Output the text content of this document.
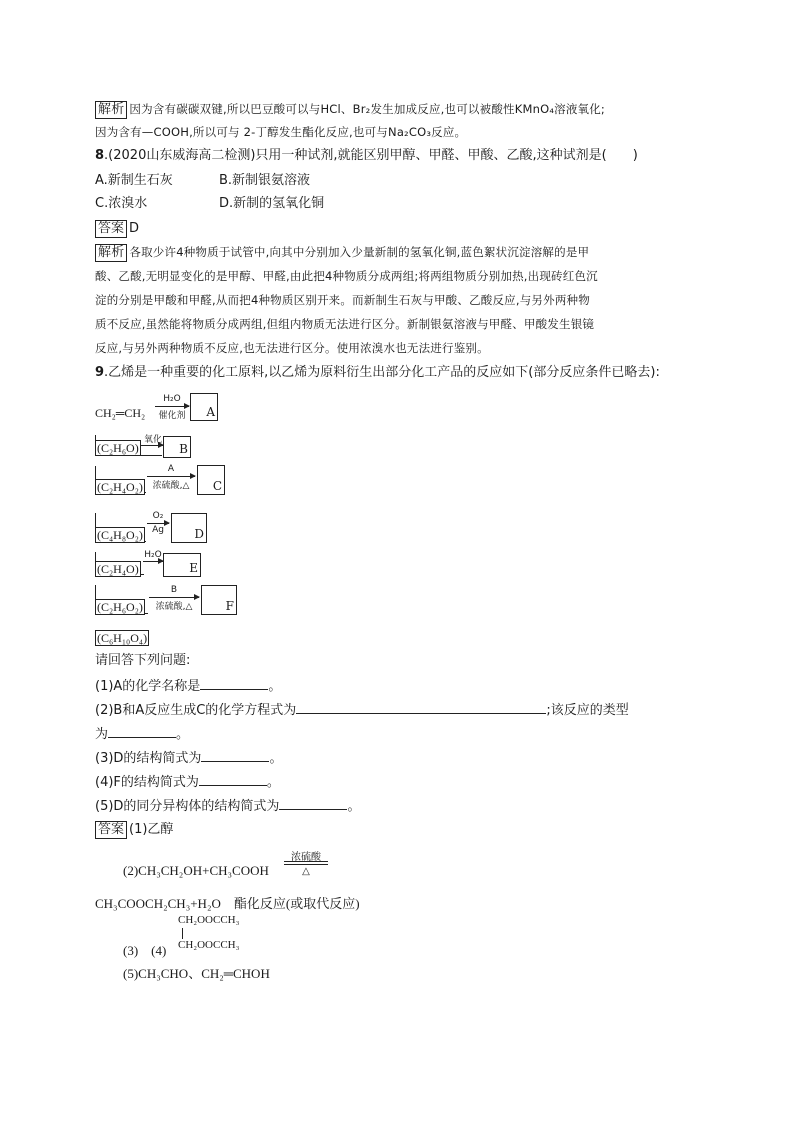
解析 因为含有碳碳双键,所以巴豆酸可以与HCl、Br₂发生加成反应,也可以被酸性KMnO₄溶液氧化;
因为含有—COOH,所以可与 2-丁醇发生酯化反应,也可与Na₂CO₃反应。
8.(2020山东威海高二检测)只用一种试剂,就能区别甲醇、甲醛、甲酸、乙酸,这种试剂是(　　)
A.新制生石灰	B.新制银氨溶液
C.浓溴水	D.新制的氢氧化铜
答案 D
解析 各取少许4种物质于试管中,向其中分别加入少量新制的氢氧化铜,蓝色絮状沉淀溶解的是甲
酸、乙酸,无明显变化的是甲醇、甲醛,由此把4种物质分成两组;将两组物质分别加热,出现砖红色沉
淀的分别是甲酸和甲醛,从而把4种物质区别开来。而新制生石灰与甲酸、乙酸反应,与另外两种物
质不反应,虽然能将物质分成两组,但组内物质无法进行区分。新制银氨溶液与甲醛、甲酸发生银镜
反应,与另外两种物质不反应,也无法进行区分。使用浓溴水也无法进行鉴别。
9.乙烯是一种重要的化工原料,以乙烯为原料衍生出部分化工产品的反应如下(部分反应条件已略去):
CH₂═CH₂
H₂O
催化剂 A
(C₂H₆O)
氧化
B
(C₂H₄O₂)
A
浓硫酸,△	C
(C₄H₈O₂)
O₂
Ag	D
(C₂H₄O)
H₂O
E
(C₂H₆O₂)
B
浓硫酸,△	F
(C₆H₁₀O₄)
请回答下列问题:
(1)A的化学名称是	。
(2)B和A反应生成C的化学方程式为	;该反应的类型
为	。
(3)D的结构简式为	。
(4)F的结构简式为	。
(5)D的同分异构体的结构简式为	。
答案 (1)乙醇
(2)CH₃CH₂OH+CH₃COOH
浓硫酸
△
CH₃COOCH₂CH₃+H₂O　酯化反应(或取代反应)
(3)　(4)
CH₂OOCCH₃
CH₂OOCCH₃
(5)CH₃CHO、CH₂═CHOH
